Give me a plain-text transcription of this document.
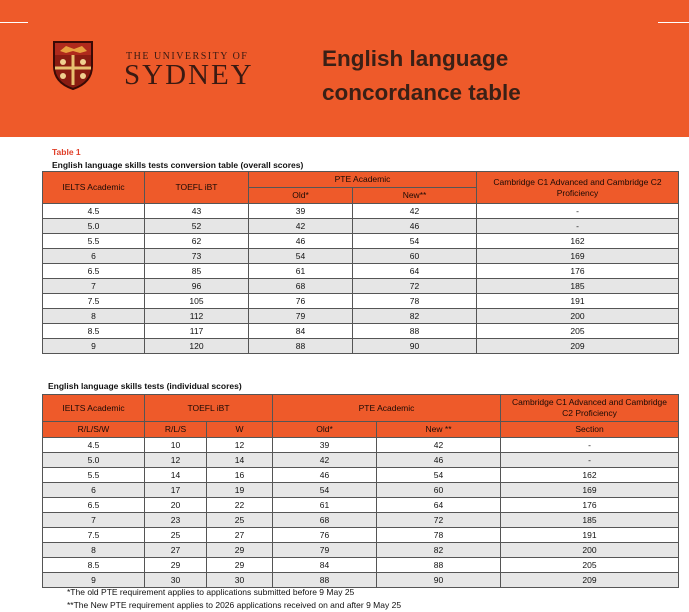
THE UNIVERSITY OF
SYDNEY
English language
concordance table
Table 1
English language skills tests conversion table (overall scores)
IELTS Academic	TOEFL iBT	PTE Academic		Cambridge C1 Advanced and Cambridge C2 Proficiency
		Old*	New**	
4.5	43	39	42	-
5.0	52	42	46	-
5.5	62	46	54	162
6	73	54	60	169
6.5	85	61	64	176
7	96	68	72	185
7.5	105	76	78	191
8	112	79	82	200
8.5	117	84	88	205
9	120	88	90	209
English language skills tests (individual scores)
IELTS Academic	TOEFL iBT		PTE Academic		Cambridge C1 Advanced and Cambridge C2 Proficiency
R/L/S/W	R/L/S	W	Old*	New **	Section
4.5	10	12	39	42	-
5.0	12	14	42	46	-
5.5	14	16	46	54	162
6	17	19	54	60	169
6.5	20	22	61	64	176
7	23	25	68	72	185
7.5	25	27	76	78	191
8	27	29	79	82	200
8.5	29	29	84	88	205
9	30	30	88	90	209
*The old PTE requirement applies to applications submitted before 9 May 25
**The New PTE requirement applies to 2026 applications received on and after 9 May 25
